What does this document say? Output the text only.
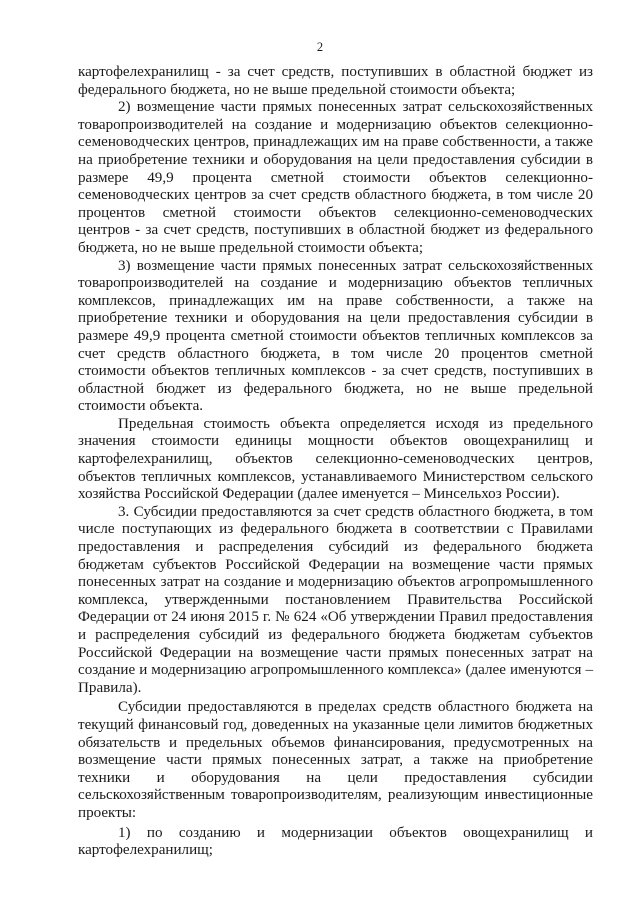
2

картофелехранилищ - за счет средств, поступивших в областной бюджет из федерального бюджета, но не выше предельной стоимости объекта;

2) возмещение части прямых понесенных затрат сельскохозяйственных товаропроизводителей на создание и модернизацию объектов селекционно-семеноводческих центров, принадлежащих им на праве собственности, а также на приобретение техники и оборудования на цели предоставления субсидии в размере 49,9 процента сметной стоимости объектов селекционно-семеноводческих центров за счет средств областного бюджета, в том числе 20 процентов сметной стоимости объектов селекционно-семеноводческих центров - за счет средств, поступивших в областной бюджет из федерального бюджета, но не выше предельной стоимости объекта;

3) возмещение части прямых понесенных затрат сельскохозяйственных товаропроизводителей на создание и модернизацию объектов тепличных комплексов, принадлежащих им на праве собственности, а также на приобретение техники и оборудования на цели предоставления субсидии в размере 49,9 процента сметной стоимости объектов тепличных комплексов за счет средств областного бюджета, в том числе 20 процентов сметной стоимости объектов тепличных комплексов - за счет средств, поступивших в областной бюджет из федерального бюджета, но не выше предельной стоимости объекта.

Предельная стоимость объекта определяется исходя из предельного значения стоимости единицы мощности объектов овощехранилищ и картофелехранилищ, объектов селекционно-семеноводческих центров, объектов тепличных комплексов, устанавливаемого Министерством сельского хозяйства Российской Федерации (далее именуется – Минсельхоз России).

3. Субсидии предоставляются за счет средств областного бюджета, в том числе поступающих из федерального бюджета в соответствии с Правилами предоставления и распределения субсидий из федерального бюджета бюджетам субъектов Российской Федерации на возмещение части прямых понесенных затрат на создание и модернизацию объектов агропромышленного комплекса, утвержденными постановлением Правительства Российской Федерации от 24 июня 2015 г. № 624 «Об утверждении Правил предоставления и распределения субсидий из федерального бюджета бюджетам субъектов Российской Федерации на возмещение части прямых понесенных затрат на создание и модернизацию агропромышленного комплекса» (далее именуются – Правила).

Субсидии предоставляются в пределах средств областного бюджета на текущий финансовый год, доведенных на указанные цели лимитов бюджетных обязательств и предельных объемов финансирования, предусмотренных на возмещение части прямых понесенных затрат, а также на приобретение техники и оборудования на цели предоставления субсидии сельскохозяйственным товаропроизводителям, реализующим инвестиционные проекты:

1) по созданию и модернизации объектов овощехранилищ и картофелехранилищ;
